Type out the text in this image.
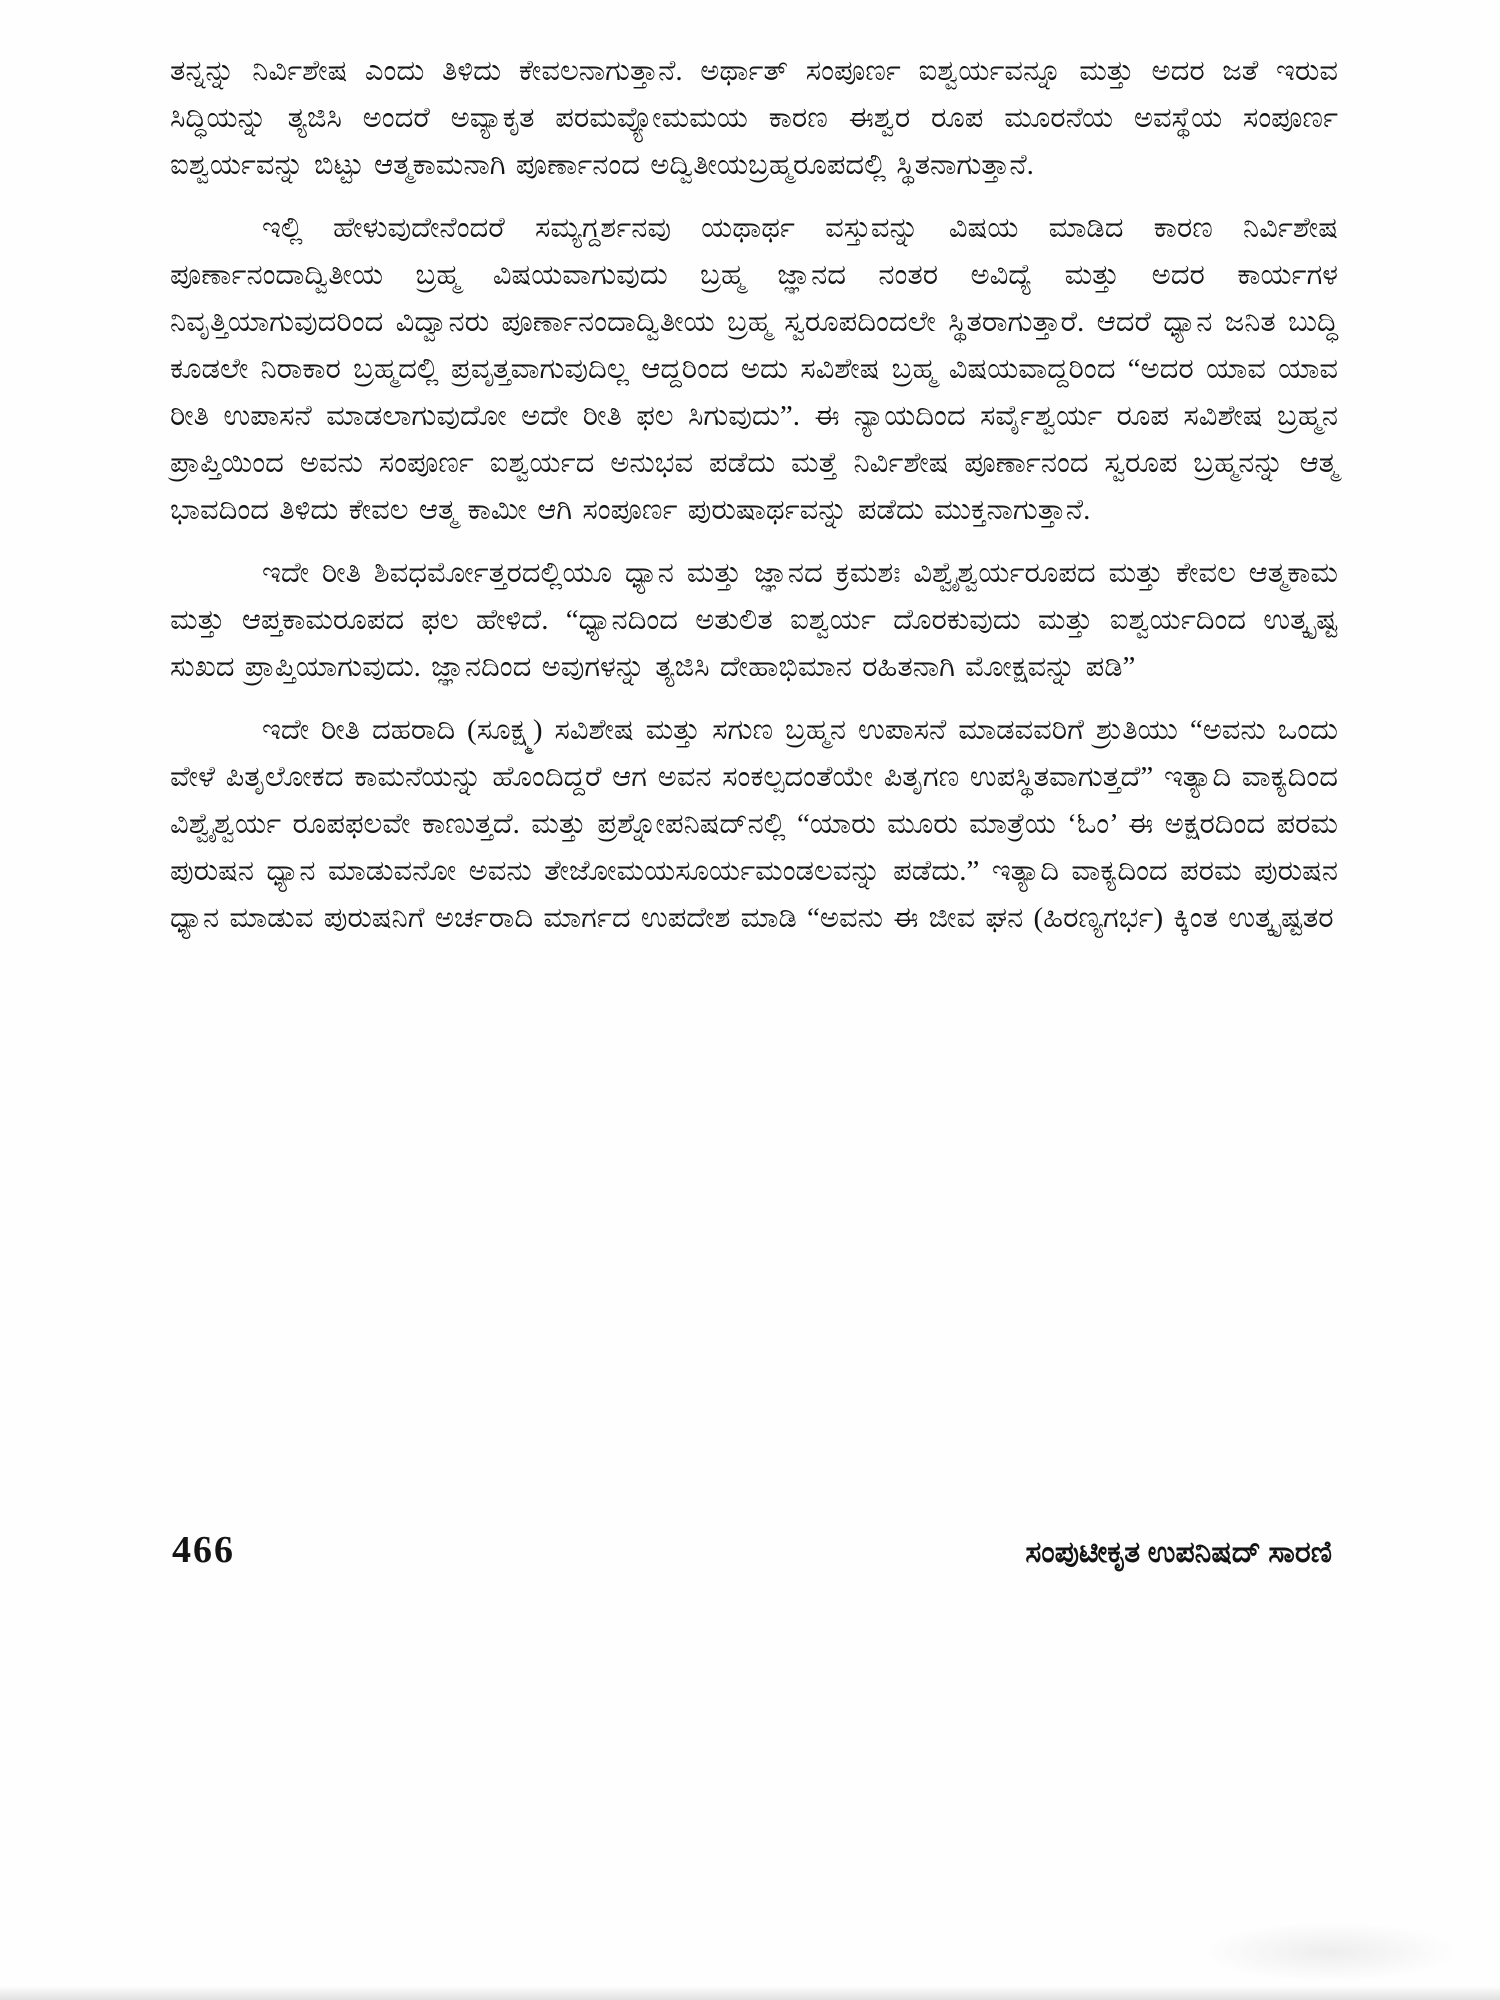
ತನ್ನನ್ನು ನಿರ್ವಿಶೇಷ ಎಂದು ತಿಳಿದು ಕೇವಲನಾಗುತ್ತಾನೆ. ಅರ್ಥಾತ್ ಸಂಪೂರ್ಣ ಐಶ್ವರ್ಯವನ್ನೂ ಮತ್ತು ಅದರ ಜತೆ ಇರುವ ಸಿದ್ಧಿಯನ್ನು ತ್ಯಜಿಸಿ ಅಂದರೆ ಅವ್ಯಾಕೃತ ಪರಮವ್ಯೋಮಮಯ ಕಾರಣ ಈಶ್ವರ ರೂಪ ಮೂರನೆಯ ಅವಸ್ಥೆಯ ಸಂಪೂರ್ಣ ಐಶ್ವರ್ಯವನ್ನು ಬಿಟ್ಟು ಆತ್ಮಕಾಮನಾಗಿ ಪೂರ್ಣಾನಂದ ಅದ್ವಿತೀಯಬ್ರಹ್ಮರೂಪದಲ್ಲಿ ಸ್ಥಿತನಾಗುತ್ತಾನೆ.

ಇಲ್ಲಿ ಹೇಳುವುದೇನೆಂದರೆ ಸಮ್ಯಗ್ದರ್ಶನವು ಯಥಾರ್ಥ ವಸ್ತುವನ್ನು ವಿಷಯ ಮಾಡಿದ ಕಾರಣ ನಿರ್ವಿಶೇಷ ಪೂರ್ಣಾನಂದಾದ್ವಿತೀಯ ಬ್ರಹ್ಮ ವಿಷಯವಾಗುವುದು ಬ್ರಹ್ಮ ಜ್ಞಾನದ ನಂತರ ಅವಿದ್ಯೆ ಮತ್ತು ಅದರ ಕಾರ್ಯಗಳ ನಿವೃತ್ತಿಯಾಗುವುದರಿಂದ ವಿದ್ವಾನರು ಪೂರ್ಣಾನಂದಾದ್ವಿತೀಯ ಬ್ರಹ್ಮ ಸ್ವರೂಪದಿಂದಲೇ ಸ್ಥಿತರಾಗುತ್ತಾರೆ. ಆದರೆ ಧ್ಯಾನ ಜನಿತ ಬುದ್ಧಿ ಕೂಡಲೇ ನಿರಾಕಾರ ಬ್ರಹ್ಮದಲ್ಲಿ ಪ್ರವೃತ್ತವಾಗುವುದಿಲ್ಲ ಆದ್ದರಿಂದ ಅದು ಸವಿಶೇಷ ಬ್ರಹ್ಮ ವಿಷಯವಾದ್ದರಿಂದ “ಅದರ ಯಾವ ಯಾವ ರೀತಿ ಉಪಾಸನೆ ಮಾಡಲಾಗುವುದೋ ಅದೇ ರೀತಿ ಫಲ ಸಿಗುವುದು”. ಈ ನ್ಯಾಯದಿಂದ ಸರ್ವೈಶ್ವರ್ಯ ರೂಪ ಸವಿಶೇಷ ಬ್ರಹ್ಮನ ಪ್ರಾಪ್ತಿಯಿಂದ ಅವನು ಸಂಪೂರ್ಣ ಐಶ್ವರ್ಯದ ಅನುಭವ ಪಡೆದು ಮತ್ತೆ ನಿರ್ವಿಶೇಷ ಪೂರ್ಣಾನಂದ ಸ್ವರೂಪ ಬ್ರಹ್ಮನನ್ನು ಆತ್ಮ ಭಾವದಿಂದ ತಿಳಿದು ಕೇವಲ ಆತ್ಮ ಕಾಮೀ ಆಗಿ ಸಂಪೂರ್ಣ ಪುರುಷಾರ್ಥವನ್ನು ಪಡೆದು ಮುಕ್ತನಾಗುತ್ತಾನೆ.

ಇದೇ ರೀತಿ ಶಿವಧರ್ಮೋತ್ತರದಲ್ಲಿಯೂ ಧ್ಯಾನ ಮತ್ತು ಜ್ಞಾನದ ಕ್ರಮಶಃ ವಿಶ್ವೈಶ್ವರ್ಯರೂಪದ ಮತ್ತು ಕೇವಲ ಆತ್ಮಕಾಮ ಮತ್ತು ಆಪ್ತಕಾಮರೂಪದ ಫಲ ಹೇಳಿದೆ. “ಧ್ಯಾನದಿಂದ ಅತುಲಿತ ಐಶ್ವರ್ಯ ದೊರಕುವುದು ಮತ್ತು ಐಶ್ವರ್ಯದಿಂದ ಉತ್ಕೃಷ್ಟ ಸುಖದ ಪ್ರಾಪ್ತಿಯಾಗುವುದು. ಜ್ಞಾನದಿಂದ ಅವುಗಳನ್ನು ತ್ಯಜಿಸಿ ದೇಹಾಭಿಮಾನ ರಹಿತನಾಗಿ ಮೋಕ್ಷವನ್ನು ಪಡಿ”

ಇದೇ ರೀತಿ ದಹರಾದಿ (ಸೂಕ್ಷ್ಮ) ಸವಿಶೇಷ ಮತ್ತು ಸಗುಣ ಬ್ರಹ್ಮನ ಉಪಾಸನೆ ಮಾಡವವರಿಗೆ ಶ್ರುತಿಯು “ಅವನು ಒಂದು ವೇಳೆ ಪಿತೃಲೋಕದ ಕಾಮನೆಯನ್ನು ಹೊಂದಿದ್ದರೆ ಆಗ ಅವನ ಸಂಕಲ್ಪದಂತೆಯೇ ಪಿತೃಗಣ ಉಪಸ್ಥಿತವಾಗುತ್ತದೆ” ಇತ್ಯಾದಿ ವಾಕ್ಯದಿಂದ ವಿಶ್ವೈಶ್ವರ್ಯ ರೂಪಫಲವೇ ಕಾಣುತ್ತದೆ. ಮತ್ತು ಪ್ರಶ್ನೋಪನಿಷದ್‌ನಲ್ಲಿ “ಯಾರು ಮೂರು ಮಾತ್ರೆಯ ‘ಓಂ’ ಈ ಅಕ್ಷರದಿಂದ ಪರಮ ಪುರುಷನ ಧ್ಯಾನ ಮಾಡುವನೋ ಅವನು ತೇಜೋಮಯಸೂರ್ಯಮಂಡಲವನ್ನು ಪಡೆದು.” ಇತ್ಯಾದಿ ವಾಕ್ಯದಿಂದ ಪರಮ ಪುರುಷನ ಧ್ಯಾನ ಮಾಡುವ ಪುರುಷನಿಗೆ ಅರ್ಚರಾದಿ ಮಾರ್ಗದ ಉಪದೇಶ ಮಾಡಿ “ಅವನು ಈ ಜೀವ ಘನ (ಹಿರಣ್ಯಗರ್ಭ) ಕ್ಕಿಂತ ಉತ್ಕೃಷ್ಟತರ

466	ಸಂಪುಟೀಕೃತ ಉಪನಿಷದ್ ಸಾರಣಿ
